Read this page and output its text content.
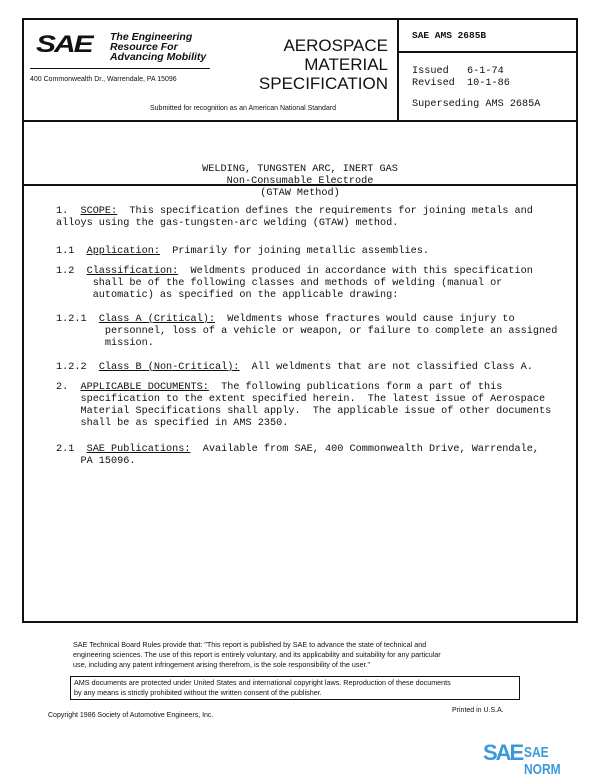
SAE The Engineering
Resource For
Advancing Mobility
400 Commonwealth Dr., Warrendale, PA 15096
AEROSPACE
MATERIAL
SPECIFICATION
Submitted for recognition as an American National Standard
SAE AMS 2685B
Issued 6-1-74
Revised 10-1-86
Superseding AMS 2685A

WELDING, TUNGSTEN ARC, INERT GAS
Non-Consumable Electrode
(GTAW Method)

1. SCOPE: This specification defines the requirements for joining metals and
alloys using the gas-tungsten-arc welding (GTAW) method.
1.1 Application: Primarily for joining metallic assemblies.
1.2 Classification: Weldments produced in accordance with this specification
shall be of the following classes and methods of welding (manual or
automatic) as specified on the applicable drawing:
1.2.1 Class A (Critical): Weldments whose fractures would cause injury to
personnel, loss of a vehicle or weapon, or failure to complete an assigned
mission.
1.2.2 Class B (Non-Critical): All weldments that are not classified Class A.
2. APPLICABLE DOCUMENTS: The following publications form a part of this
specification to the extent specified herein.  The latest issue of Aerospace
Material Specifications shall apply.  The applicable issue of other documents
shall be as specified in AMS 2350.
2.1 SAE Publications: Available from SAE, 400 Commonwealth Drive, Warrendale,
PA 15096.
SAE Technical Board Rules provide that: "This report is published by SAE to advance the state of technical and
engineering sciences. The use of this report is entirely voluntary, and its applicability and suitability for any particular
use, including any patent infringement arising therefrom, is the sole responsibility of the user."
AMS documents are protected under United States and international copyright laws. Reproduction of these documents
by any means is strictly prohibited without the written consent of the publisher.
Copyright 1986 Society of Automotive Engineers, Inc.
Printed in U.S.A.
SAE SAE NORM
